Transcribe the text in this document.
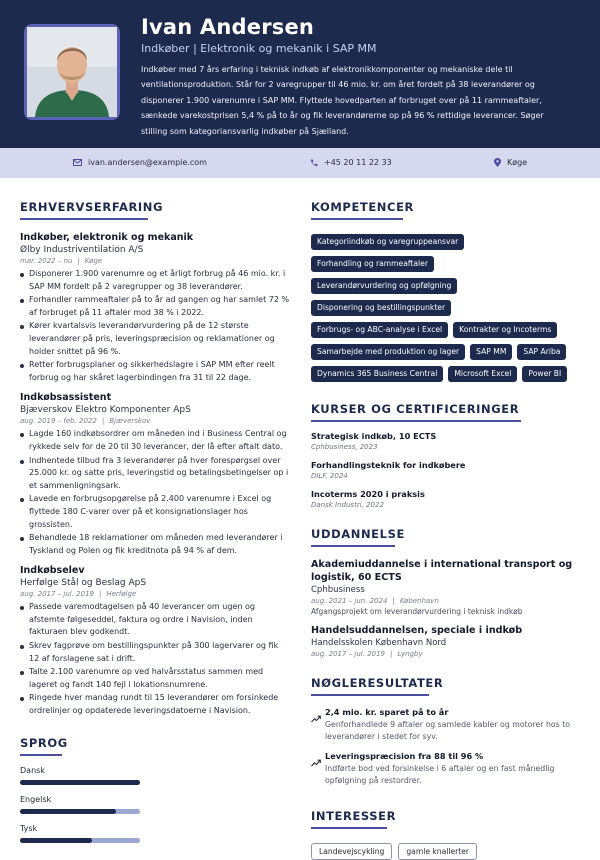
Ivan Andersen
Indkøber | Elektronik og mekanik i SAP MM
Indkøber med 7 års erfaring i teknisk indkøb af elektronikkomponenter og mekaniske dele til ventilationsproduktion. Står for 2 varegrupper til 46 mio. kr. om året fordelt på 38 leverandører og disponerer 1.900 varenumre i SAP MM. Flyttede hovedparten af forbruget over på 11 rammeaftaler, sænkede varekostprisen 5,4 % på to år og fik leverandørerne op på 96 % rettidige leverancer. Søger stilling som kategoriansvarlig indkøber på Sjælland.
ivan.andersen@example.com	+45 20 11 22 33	Køge
ERHVERVSERFARING
Indkøber, elektronik og mekanik
Ølby Industriventilation A/S
mar. 2022 – nu | Køge
Disponerer 1.900 varenumre og et årligt forbrug på 46 mio. kr. i SAP MM fordelt på 2 varegrupper og 38 leverandører.
Forhandler rammeaftaler på to år ad gangen og har samlet 72 % af forbruget på 11 aftaler mod 38 % i 2022.
Kører kvartalsvis leverandørvurdering på de 12 største leverandører på pris, leveringspræcision og reklamationer og holder snittet på 96 %.
Retter forbrugsplaner og sikkerhedslagre i SAP MM efter reelt forbrug og har skåret lagerbindingen fra 31 til 22 dage.
Indkøbsassistent
Bjæverskov Elektro Komponenter ApS
aug. 2019 – feb. 2022 | Bjæverskov
Lagde 160 indkøbsordrer om måneden ind i Business Central og rykkede selv for de 20 til 30 leverancer, der lå efter aftalt dato.
Indhentede tilbud fra 3 leverandører på hver forespørgsel over 25.000 kr. og satte pris, leveringstid og betalingsbetingelser op i et sammenligningsark.
Lavede en forbrugsopgørelse på 2.400 varenumre i Excel og flyttede 180 C-varer over på et konsignationslager hos grossisten.
Behandlede 18 reklamationer om måneden med leverandører i Tyskland og Polen og fik kreditnota på 94 % af dem.
Indkøbselev
Herfølge Stål og Beslag ApS
aug. 2017 – jul. 2019 | Herfølge
Passede varemodtagelsen på 40 leverancer om ugen og afstemte følgeseddel, faktura og ordre i Navision, inden fakturaen blev godkendt.
Skrev fagprøve om bestillingspunkter på 300 lagervarer og fik 12 af forslagene sat i drift.
Talte 2.100 varenumre op ved halvårsstatus sammen med lageret og fandt 140 fejl i lokationsnumrene.
Ringede hver mandag rundt til 15 leverandører om forsinkede ordrelinjer og opdaterede leveringsdatoerne i Navision.
SPROG
Dansk
Engelsk
Tysk
KOMPETENCER
Kategoriindkøb og varegruppeansvar
Forhandling og rammeaftaler
Leverandørvurdering og opfølgning
Disponering og bestillingspunkter
Forbrugs- og ABC-analyse i Excel	Kontrakter og Incoterms
Samarbejde med produktion og lager	SAP MM	SAP Ariba
Dynamics 365 Business Central	Microsoft Excel	Power BI
KURSER OG CERTIFICERINGER
Strategisk indkøb, 10 ECTS
Cphbusiness, 2023
Forhandlingsteknik for indkøbere
DILF, 2024
Incoterms 2020 i praksis
Dansk Industri, 2022
UDDANNELSE
Akademiuddannelse i international transport og logistik, 60 ECTS
Cphbusiness
aug. 2021 – jun. 2024 | København
Afgangsprojekt om leverandørvurdering i teknisk indkøb
Handelsuddannelsen, speciale i indkøb
Handelsskolen København Nord
aug. 2017 – jul. 2019 | Lyngby
NØGLERESULTATER
2,4 mio. kr. sparet på to år
Genforhandlede 9 aftaler og samlede kabler og motorer hos to leverandører i stedet for syv.
Leveringspræcision fra 88 til 96 %
Indførte bod ved forsinkelse i 6 aftaler og en fast månedlig opfølgning på restordrer.
INTERESSER
Landevejscykling	gamle knallerter
